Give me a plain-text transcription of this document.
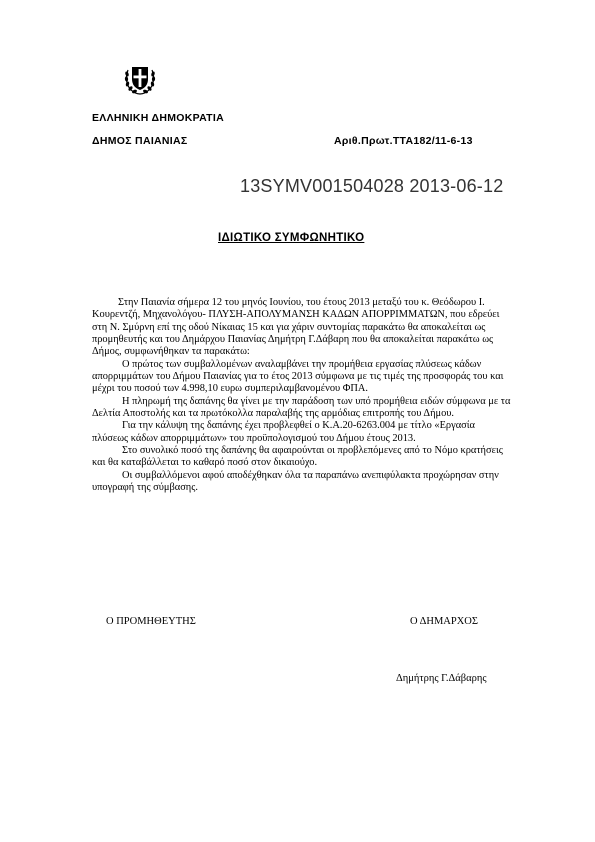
ΕΛΛΗΝΙΚΗ ΔΗΜΟΚΡΑΤΙΑ
ΔΗΜΟΣ ΠΑΙΑΝΙΑΣ	Αριθ.Πρωτ.ΤΤΑ182/11-6-13
13SYMV001504028 2013-06-12
ΙΔΙΩΤΙΚΟ ΣΥΜΦΩΝΗΤΙΚΟ

Στην Παιανία σήμερα 12 του μηνός Ιουνίου, του έτους 2013 μεταξύ του κ. Θεόδωρου Ι. Κουρεντζή, Μηχανολόγου- ΠΛΥΣΗ-ΑΠΟΛΥΜΑΝΣΗ ΚΑΔΩΝ ΑΠΟΡΡΙΜΜΑΤΩΝ, που εδρεύει στη Ν. Σμύρνη επί της οδού Νίκαιας 15 και για χάριν συντομίας παρακάτω θα αποκαλείται ως προμηθευτής και του Δημάρχου Παιανίας Δημήτρη Γ.Δάβαρη που θα αποκαλείται παρακάτω ως Δήμος, συμφωνήθηκαν τα παρακάτω:

Ο πρώτος των συμβαλλομένων αναλαμβάνει την προμήθεια εργασίας πλύσεως κάδων απορριμμάτων του Δήμου Παιανίας για το έτος 2013 σύμφωνα με τις τιμές της προσφοράς του και μέχρι του ποσού των 4.998,10 ευρω συμπεριλαμβανομένου ΦΠΑ.

Η πληρωμή της δαπάνης θα γίνει με την παράδοση των υπό προμήθεια ειδών σύμφωνα με τα Δελτία Αποστολής και τα πρωτόκολλα παραλαβής της αρμόδιας επιτροπής του Δήμου.

Για την κάλυψη της δαπάνης έχει προβλεφθεί ο Κ.Α.20-6263.004 με τίτλο «Εργασία πλύσεως κάδων απορριμμάτων» του προϋπολογισμού του Δήμου έτους 2013.

Στο συνολικό ποσό της δαπάνης θα αφαιρούνται οι προβλεπόμενες από το Νόμο κρατήσεις και θα καταβάλλεται το καθαρό ποσό στον δικαιούχο.

Οι συμβαλλόμενοι αφού αποδέχθηκαν όλα τα παραπάνω ανεπιφύλακτα προχώρησαν στην υπογραφή της σύμβασης.

Ο ΠΡΟΜΗΘΕΥΤΗΣ	Ο ΔΗΜΑΡΧΟΣ
Δημήτρης Γ.Δάβαρης
